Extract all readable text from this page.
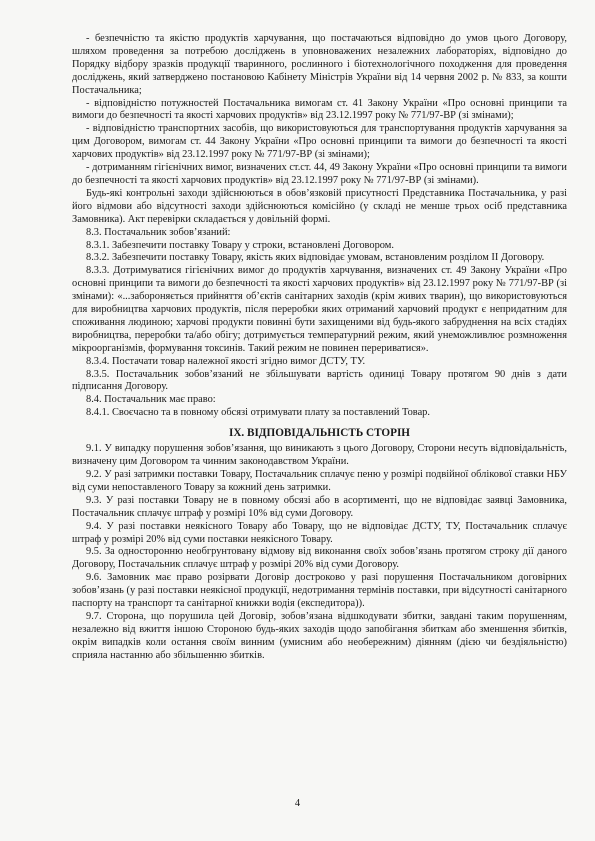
- безпечністю та якістю продуктів харчування, що постачаються відповідно до умов цього Договору, шляхом проведення за потребою досліджень в уповноважених незалежних лабораторіях, відповідно до Порядку відбору зразків продукції тваринного, рослинного і біотехнологічного походження для проведення досліджень, який затверджено постановою Кабінету Міністрів України від 14 червня 2002 р. № 833, за кошти Постачальника;

- відповідністю потужностей Постачальника вимогам ст. 41 Закону України «Про основні принципи та вимоги до безпечності та якості харчових продуктів» від 23.12.1997 року № 771/97-ВР (зі змінами);

- відповідністю транспортних засобів, що використовуються для транспортування продуктів харчування за цим Договором, вимогам ст. 44 Закону України «Про основні принципи та вимоги до безпечності та якості харчових продуктів» від 23.12.1997 року № 771/97-ВР (зі змінами);

- дотриманням гігієнічних вимог, визначених ст.ст. 44, 49 Закону України «Про основні принципи та вимоги до безпечності та якості харчових продуктів» від 23.12.1997 року № 771/97-ВР (зі змінами).

Будь-які контрольні заходи здійснюються в обов’язковій присутності Представника Постачальника, у разі його відмови або відсутності заходи здійснюються комісійно (у складі не менше трьох осіб представника Замовника). Акт перевірки складається у довільній формі.

8.3. Постачальник зобов’язаний:

8.3.1. Забезпечити поставку Товару у строки, встановлені Договором.

8.3.2. Забезпечити поставку Товару, якість яких відповідає умовам, встановленим розділом ІІ Договору.

8.3.3. Дотримуватися гігієнічних вимог до продуктів харчування, визначених ст. 49 Закону України «Про основні принципи та вимоги до безпечності та якості харчових продуктів» від 23.12.1997 року № 771/97-ВР (зі змінами): «...забороняється прийняття об’єктів санітарних заходів (крім живих тварин), що використовуються для виробництва харчових продуктів, після переробки яких отриманий харчовий продукт є непридатним для споживання людиною; харчові продукти повинні бути захищеними від будь-якого забруднення на всіх стадіях виробництва, переробки та/або обігу; дотримується температурний режим, який унеможливлює розмноження мікроорганізмів, формування токсинів. Такий режим не повинен перериватися».

8.3.4. Постачати товар належної якості згідно вимог ДСТУ, ТУ.

8.3.5. Постачальник зобов’язаний не збільшувати вартість одиниці Товару протягом 90 днів з дати підписання Договору.

8.4. Постачальник має право:

8.4.1. Своєчасно та в повному обсязі отримувати плату за поставлений Товар.

IX. ВІДПОВІДАЛЬНІСТЬ СТОРІН

9.1. У випадку порушення зобов’язання, що виникають з цього Договору, Сторони несуть відповідальність, визначену цим Договором та чинним законодавством України.

9.2. У разі затримки поставки Товару, Постачальник сплачує пеню у розмірі подвійної облікової ставки НБУ від суми непоставленого Товару за кожний день затримки.

9.3. У разі поставки Товару не в повному обсязі або в асортименті, що не відповідає заявці Замовника, Постачальник сплачує штраф у розмірі 10% від суми Договору.

9.4. У разі поставки неякісного Товару або Товару, що не відповідає ДСТУ, ТУ, Постачальник сплачує штраф у розмірі 20% від суми поставки неякісного Товару.

9.5. За односторонню необгрунтовану відмову від виконання своїх зобов’язань протягом строку дії даного Договору, Постачальник сплачує штраф у розмірі 20% від суми Договору.

9.6. Замовник має право розірвати Договір достроково у разі порушення Постачальником договірних зобов’язань (у разі поставки неякісної продукції, недотримання термінів поставки, при відсутності санітарного паспорту на транспорт та санітарної книжки водія (експедитора)).

9.7. Сторона, що порушила цей Договір, зобов’язана відшкодувати збитки, завдані таким порушенням, незалежно від вжиття іншою Стороною будь-яких заходів щодо запобігання збиткам або зменшення збитків, окрім випадків коли остання своїм винним (умисним або необережним) діянням (дією чи бездіяльністю) сприяла настанню або збільшенню збитків.

4
